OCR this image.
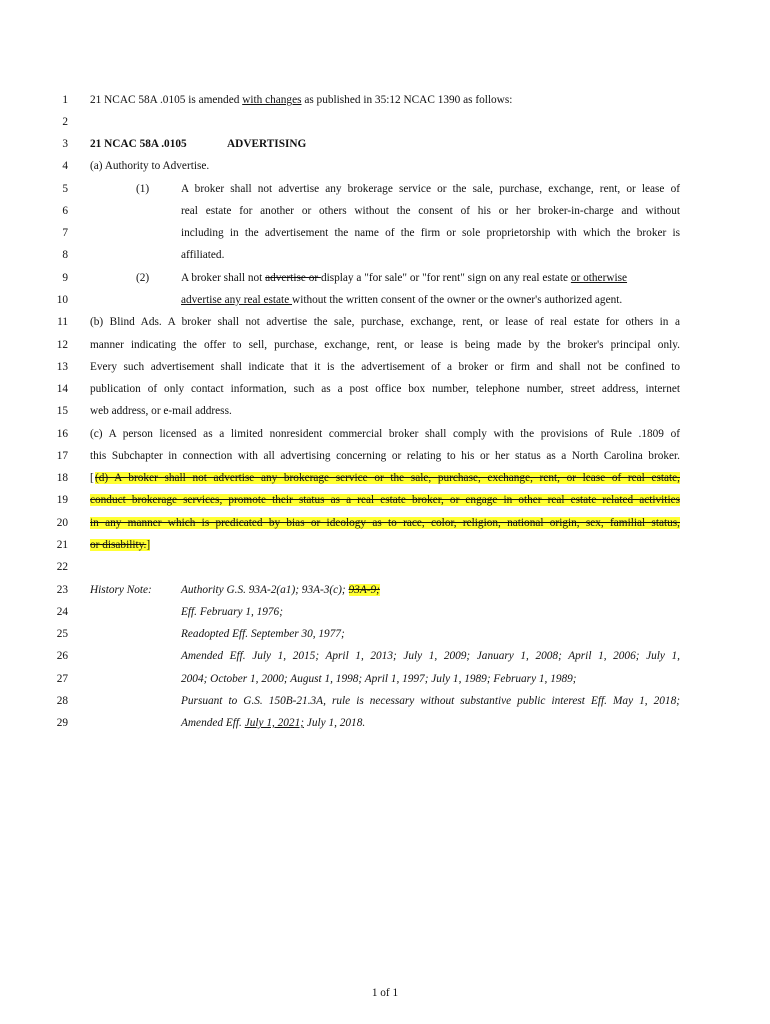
1 21 NCAC 58A .0105 is amended with changes as published in 35:12 NCAC 1390 as follows:
2
3 21 NCAC 58A .0105	ADVERTISING
4 (a) Authority to Advertise.
5	(1)	A broker shall not advertise any brokerage service or the sale, purchase, exchange, rent, or lease of
6	real estate for another or others without the consent of his or her broker-in-charge and without
7	including in the advertisement the name of the firm or sole proprietorship with which the broker is
8	affiliated.
9	(2)	A broker shall not advertise or display a "for sale" or "for rent" sign on any real estate or otherwise
10	advertise any real estate without the written consent of the owner or the owner's authorized agent.
11 (b) Blind Ads. A broker shall not advertise the sale, purchase, exchange, rent, or lease of real estate for others in a
12 manner indicating the offer to sell, purchase, exchange, rent, or lease is being made by the broker's principal only.
13 Every such advertisement shall indicate that it is the advertisement of a broker or firm and shall not be confined to
14 publication of only contact information, such as a post office box number, telephone number, street address, internet
15 web address, or e-mail address.
16 (c) A person licensed as a limited nonresident commercial broker shall comply with the provisions of Rule .1809 of
17 this Subchapter in connection with all advertising concerning or relating to his or her status as a North Carolina broker.
18 [ (d) A broker shall not advertise any brokerage service or the sale, purchase, exchange, rent, or lease of real estate,
19 conduct brokerage services, promote their status as a real estate broker, or engage in other real estate related activities
20 in any manner which is predicated by bias or ideology as to race, color, religion, national origin, sex, familial status,
21 or disability.]
22
23 History Note:	Authority G.S. 93A-2(a1); 93A-3(c); 93A-9;
24	Eff. February 1, 1976;
25	Readopted Eff. September 30, 1977;
26	Amended Eff. July 1, 2015; April 1, 2013; July 1, 2009; January 1, 2008; April 1, 2006; July 1,
27	2004; October 1, 2000; August 1, 1998; April 1, 1997; July 1, 1989; February 1, 1989;
28	Pursuant to G.S. 150B-21.3A, rule is necessary without substantive public interest Eff. May 1, 2018;
29	Amended Eff. July 1, 2021; July 1, 2018.
1 of 1
